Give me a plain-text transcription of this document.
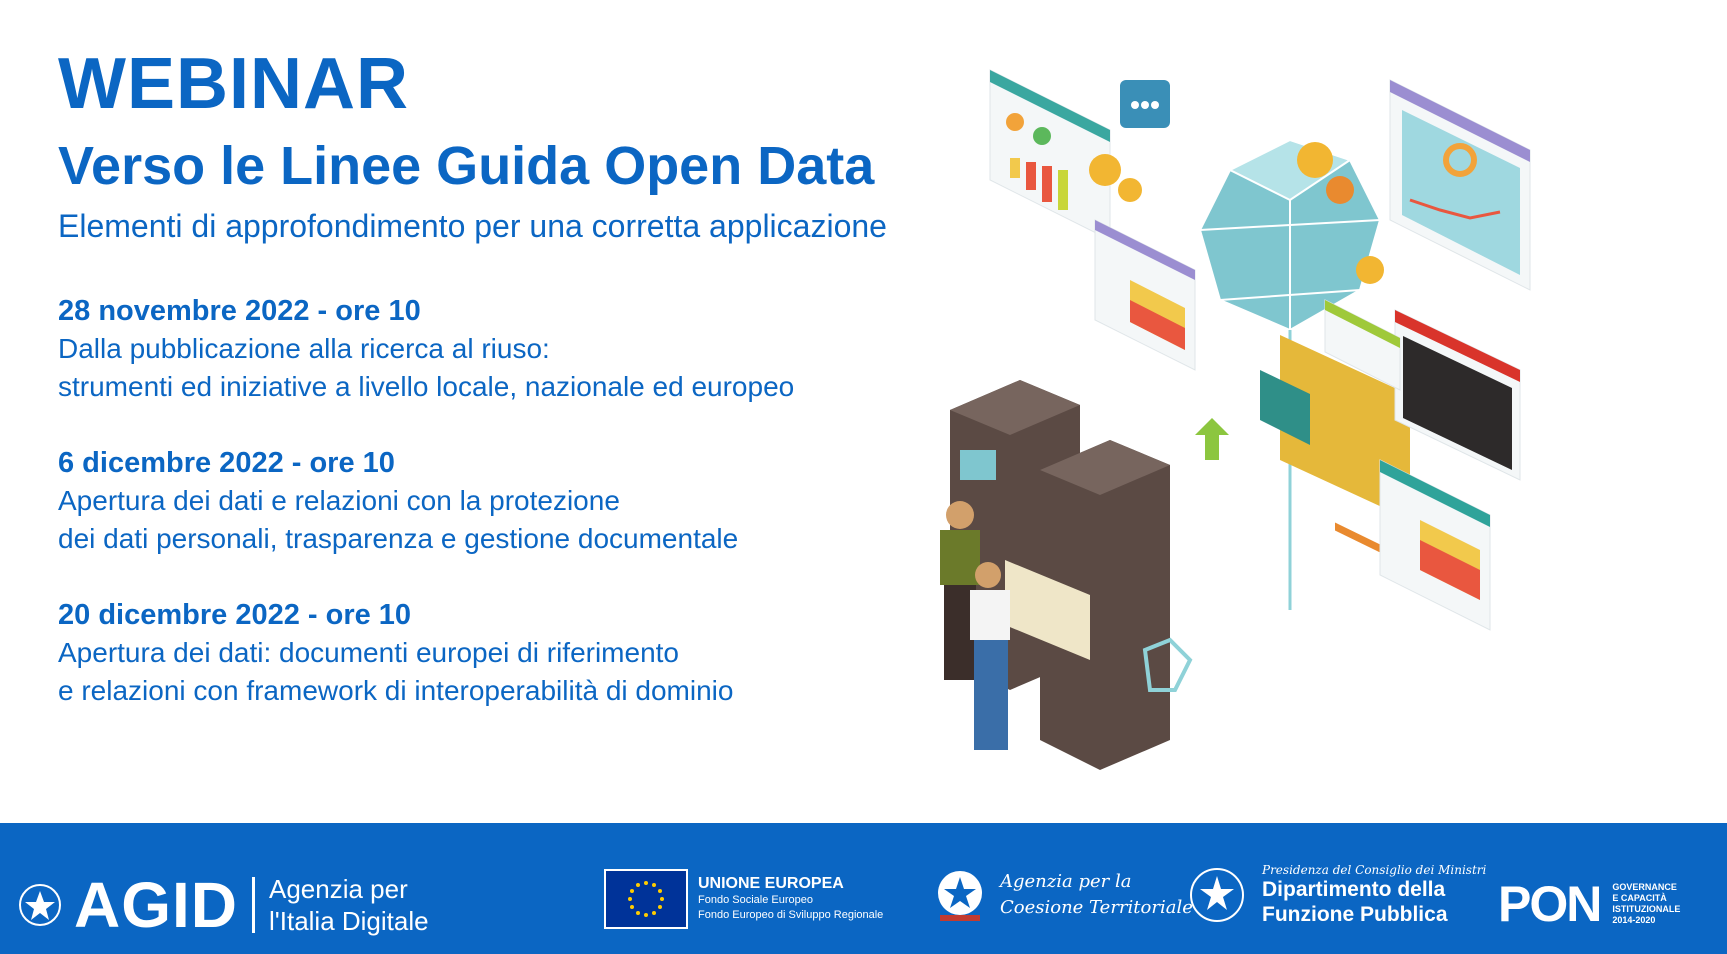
WEBINAR
Verso le Linee Guida Open Data

Elementi di approfondimento per una corretta applicazione

28 novembre 2022 - ore 10
Dalla pubblicazione alla ricerca al riuso:
strumenti ed iniziative a livello locale, nazionale ed europeo
6 dicembre 2022 - ore 10
Apertura dei dati e relazioni con la protezione
dei dati personali, trasparenza e gestione documentale
20 dicembre 2022 - ore 10
Apertura dei dati: documenti europei di riferimento
e relazioni con framework di interoperabilità di dominio
AGID Agenzia per
l'Italia Digitale
UNIONE EUROPEA
Fondo Sociale Europeo
Fondo Europeo di Sviluppo Regionale
Agenzia per la
Coesione Territoriale
Presidenza del Consiglio dei Ministri
Dipartimento della
Funzione Pubblica	PON GOVERNANCE
E CAPACITÀ
ISTITUZIONALE
2014-2020
